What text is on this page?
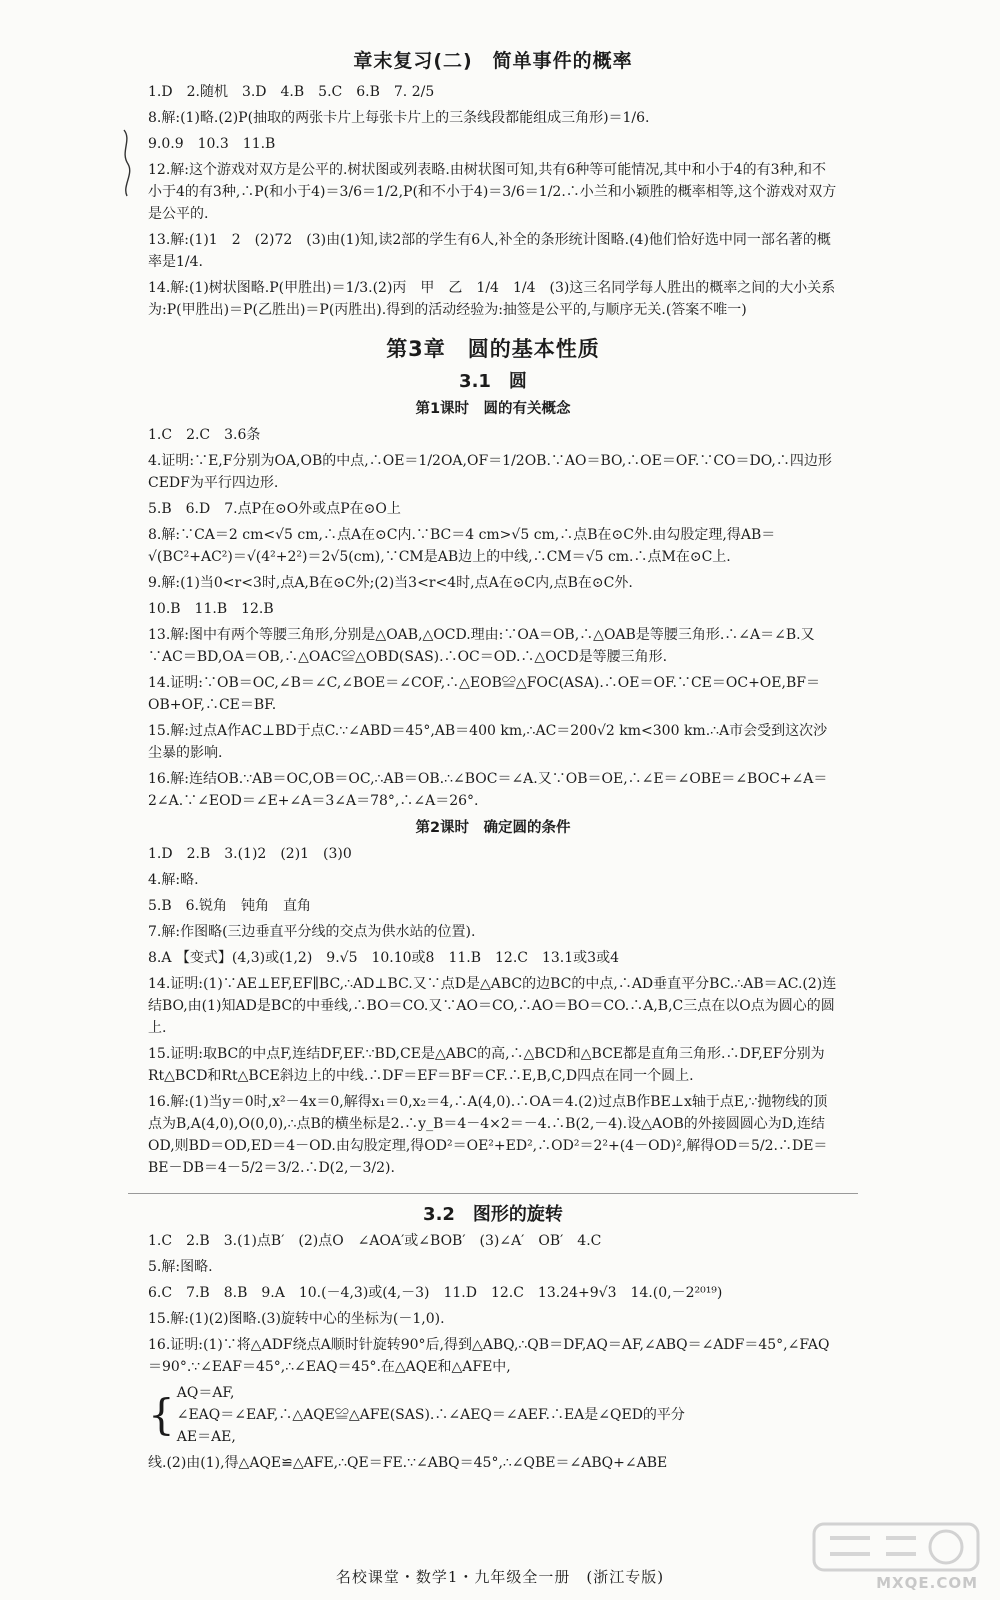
章末复习(二)　简单事件的概率
1.D　2.随机　3.D　4.B　5.C　6.B　7. 2/5
8.解:(1)略.(2)P(抽取的两张卡片上每张卡片上的三条线段都能组成三角形)＝1/6.
9.0.9　10.3　11.B
12.解:这个游戏对双方是公平的.树状图或列表略.由树状图可知,共有6种等可能情况,其中和小于4的有3种,和不小于4的有3种,∴P(和小于4)＝3/6＝1/2,P(和不小于4)＝3/6＝1/2.∴小兰和小颖胜的概率相等,这个游戏对双方是公平的.
13.解:(1)1　2　(2)72　(3)由(1)知,读2部的学生有6人,补全的条形统计图略.(4)他们恰好选中同一部名著的概率是1/4.
14.解:(1)树状图略.P(甲胜出)＝1/3.(2)丙　甲　乙　1/4　1/4　(3)这三名同学每人胜出的概率之间的大小关系为:P(甲胜出)＝P(乙胜出)＝P(丙胜出).得到的活动经验为:抽签是公平的,与顺序无关.(答案不唯一)
第3章　圆的基本性质
3.1　圆
第1课时　圆的有关概念
1.C　2.C　3.6条
4.证明:∵E,F分别为OA,OB的中点,∴OE＝1/2OA,OF＝1/2OB.∵AO＝BO,∴OE＝OF.∵CO＝DO,∴四边形CEDF为平行四边形.
5.B　6.D　7.点P在⊙O外或点P在⊙O上
8.解:∵CA＝2 cm<√5 cm,∴点A在⊙C内.∵BC＝4 cm>√5 cm,∴点B在⊙C外.由勾股定理,得AB＝√(BC²+AC²)＝√(4²+2²)＝2√5(cm),∵CM是AB边上的中线,∴CM＝√5 cm.∴点M在⊙C上.
9.解:(1)当0<r<3时,点A,B在⊙C外;(2)当3<r<4时,点A在⊙C内,点B在⊙C外.
10.B　11.B　12.B
13.解:图中有两个等腰三角形,分别是△OAB,△OCD.理由:∵OA＝OB,∴△OAB是等腰三角形.∴∠A＝∠B.又∵AC＝BD,OA＝OB,∴△OAC≌△OBD(SAS).∴OC＝OD.∴△OCD是等腰三角形.
14.证明:∵OB＝OC,∠B＝∠C,∠BOE＝∠COF,∴△EOB≌△FOC(ASA).∴OE＝OF.∵CE＝OC+OE,BF＝OB+OF,∴CE＝BF.
15.解:过点A作AC⊥BD于点C.∵∠ABD＝45°,AB＝400 km,∴AC＝200√2 km<300 km.∴A市会受到这次沙尘暴的影响.
16.解:连结OB.∵AB＝OC,OB＝OC,∴AB＝OB.∴∠BOC＝∠A.又∵OB＝OE,∴∠E＝∠OBE＝∠BOC+∠A＝2∠A.∵∠EOD＝∠E+∠A＝3∠A＝78°,∴∠A＝26°.
第2课时　确定圆的条件
1.D　2.B　3.(1)2　(2)1　(3)0
4.解:略.
5.B　6.锐角　钝角　直角
7.解:作图略(三边垂直平分线的交点为供水站的位置).
8.A 【变式】(4,3)或(1,2)　9.√5　10.10或8　11.B　12.C　13.1或3或4
14.证明:(1)∵AE⊥EF,EF∥BC,∴AD⊥BC.又∵点D是△ABC的边BC的中点,∴AD垂直平分BC.∴AB＝AC.(2)连结BO,由(1)知AD是BC的中垂线,∴BO＝CO.又∵AO＝CO,∴AO＝BO＝CO.∴A,B,C三点在以O点为圆心的圆上.
15.证明:取BC的中点F,连结DF,EF.∵BD,CE是△ABC的高,∴△BCD和△BCE都是直角三角形.∴DF,EF分别为Rt△BCD和Rt△BCE斜边上的中线.∴DF＝EF＝BF＝CF.∴E,B,C,D四点在同一个圆上.
16.解:(1)当y＝0时,x²－4x＝0,解得x₁＝0,x₂＝4,∴A(4,0).∴OA＝4.(2)过点B作BE⊥x轴于点E,∵抛物线的顶点为B,A(4,0),O(0,0),∴点B的横坐标是2.∴y_B＝4－4×2＝－4.∴B(2,－4).设△AOB的外接圆圆心为D,连结OD,则BD＝OD,ED＝4－OD.由勾股定理,得OD²＝OE²+ED²,∴OD²＝2²+(4－OD)²,解得OD＝5/2.∴DE＝BE－DB＝4－5/2＝3/2.∴D(2,－3/2).
3.2　图形的旋转
1.C　2.B　3.(1)点B′　(2)点O　∠AOA′或∠BOB′　(3)∠A′　OB′　4.C
5.解:图略.
6.C　7.B　8.B　9.A　10.(－4,3)或(4,－3)　11.D　12.C　13.24+9√3　14.(0,－2²⁰¹⁹)
15.解:(1)(2)图略.(3)旋转中心的坐标为(－1,0).
16.证明:(1)∵将△ADF绕点A顺时针旋转90°后,得到△ABQ,∴QB＝DF,AQ＝AF,∠ABQ＝∠ADF＝45°,∠FAQ＝90°.∵∠EAF＝45°,∴∠EAQ＝45°.在△AQE和△AFE中,
{ AQ＝AF,
∠EAQ＝∠EAF,∴△AQE≌△AFE(SAS).∴∠AEQ＝∠AEF.∴EA是∠QED的平分
AE＝AE,
线.(2)由(1),得△AQE≌△AFE,∴QE＝FE.∵∠ABQ＝45°,∴∠QBE＝∠ABQ+∠ABE
MXQE.COM
名校课堂・数学1・九年级全一册　(浙江专版)
